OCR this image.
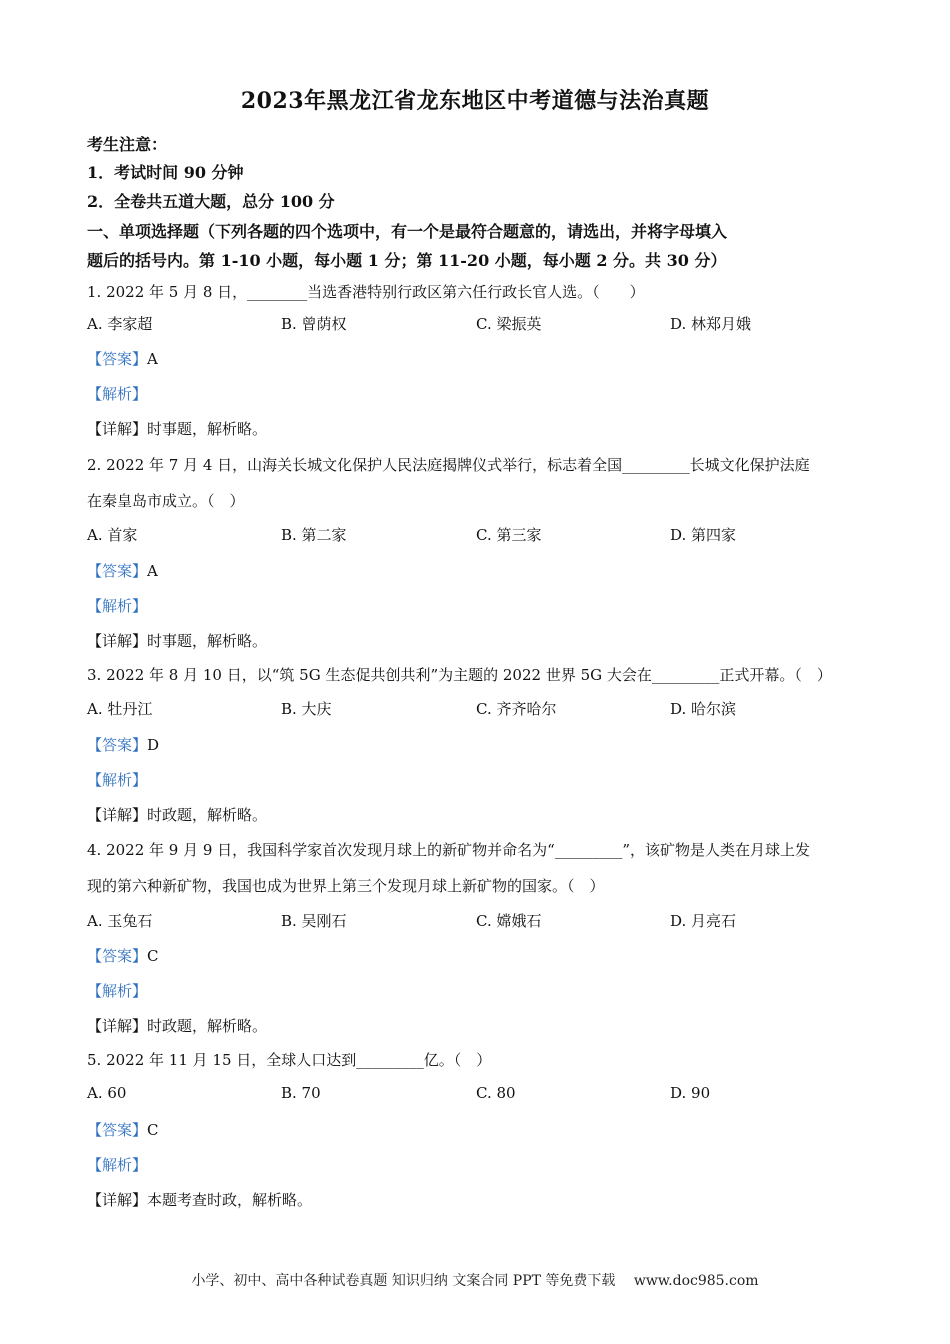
2023年黑龙江省龙东地区中考道德与法治真题
考生注意：
1．考试时间 90 分钟
2．全卷共五道大题，总分 100 分
一、单项选择题（下列各题的四个选项中，有一个是最符合题意的，请选出，并将字母填入
题后的括号内。第 1-10 小题，每小题 1 分；第 11-20 小题，每小题 2 分。共 30 分）
1. 2022 年 5 月 8 日，________当选香港特别行政区第六任行政长官人选。（　　）
A. 李家超	B. 曾荫权	C. 梁振英	D. 林郑月娥
【答案】A
【解析】
【详解】时事题，解析略。
2. 2022 年 7 月 4 日，山海关长城文化保护人民法庭揭牌仪式举行，标志着全国_________长城文化保护法庭
在秦皇岛市成立。（　）
A. 首家	B. 第二家	C. 第三家	D. 第四家
【答案】A
【解析】
【详解】时事题，解析略。
3. 2022 年 8 月 10 日，以“筑 5G 生态促共创共利”为主题的 2022 世界 5G 大会在_________正式开幕。（　）
A. 牡丹江	B. 大庆	C. 齐齐哈尔	D. 哈尔滨
【答案】D
【解析】
【详解】时政题，解析略。
4. 2022 年 9 月 9 日，我国科学家首次发现月球上的新矿物并命名为“_________”，该矿物是人类在月球上发
现的第六种新矿物，我国也成为世界上第三个发现月球上新矿物的国家。（　）
A. 玉兔石	B. 吴刚石	C. 嫦娥石	D. 月亮石
【答案】C
【解析】
【详解】时政题，解析略。
5. 2022 年 11 月 15 日，全球人口达到_________亿。（　）
A. 60	B. 70	C. 80	D. 90
【答案】C
【解析】
【详解】本题考查时政，解析略。
小学、初中、高中各种试卷真题 知识归纳 文案合同 PPT 等免费下载　 www.doc985.com
